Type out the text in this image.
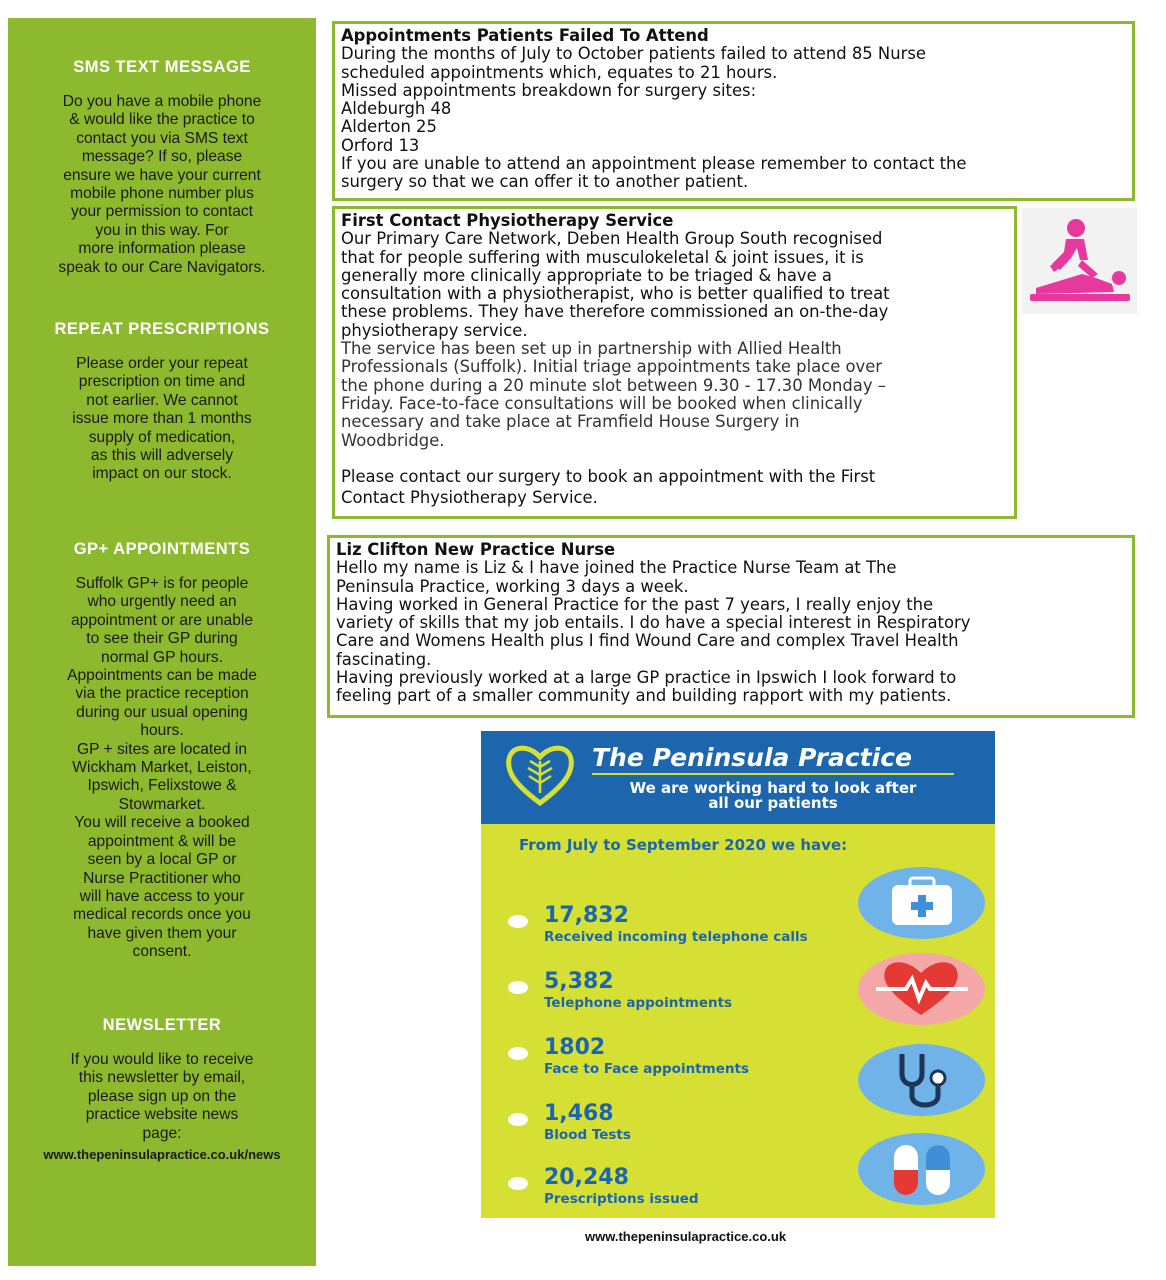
SMS TEXT MESSAGE
Do you have a mobile phone
& would like the practice to
contact you via SMS text
message? If so, please
ensure we have your current
mobile phone number plus
your permission to contact
you in this way. For
more information please
speak to our Care Navigators.
REPEAT PRESCRIPTIONS
Please order your repeat
prescription on time and
not earlier. We cannot
issue more than 1 months
supply of medication,
as this will adversely
impact on our stock.
GP+ APPOINTMENTS
Suffolk GP+ is for people
who urgently need an
appointment or are unable
to see their GP during
normal GP hours.
Appointments can be made
via the practice reception
during our usual opening
hours.
GP + sites are located in
Wickham Market, Leiston,
Ipswich, Felixstowe &
Stowmarket.
You will receive a booked
appointment & will be
seen by a local GP or
Nurse Practitioner who
will have access to your
medical records once you
have given them your
consent.
NEWSLETTER
If you would like to receive
this newsletter by email,
please sign up on the
practice website news
page:
www.thepeninsulapractice.co.uk/news
Appointments Patients Failed To Attend
During the months of July to October patients failed to attend 85 Nurse
scheduled appointments which, equates to 21 hours.
Missed appointments breakdown for surgery sites:
Aldeburgh 48
Alderton 25
Orford 13
If you are unable to attend an appointment please remember to contact the
surgery so that we can offer it to another patient.
First Contact Physiotherapy Service
Our Primary Care Network, Deben Health Group South recognised
that for people suffering with musculokeletal & joint issues, it is
generally more clinically appropriate to be triaged & have a
consultation with a physiotherapist, who is better qualified to treat
these problems. They have therefore commissioned an on-the-day
physiotherapy service.
The service has been set up in partnership with Allied Health
Professionals (Suffolk). Initial triage appointments take place over
the phone during a 20 minute slot between 9.30 - 17.30 Monday –
Friday. Face-to-face consultations will be booked when clinically
necessary and take place at Framfield House Surgery in
Woodbridge.
Please contact our surgery to book an appointment with the First
Contact Physiotherapy Service.
Liz Clifton New Practice Nurse
Hello my name is Liz & I have joined the Practice Nurse Team at The
Peninsula Practice, working 3 days a week.
Having worked in General Practice for the past 7 years, I really enjoy the
variety of skills that my job entails. I do have a special interest in Respiratory
Care and Womens Health plus I find Wound Care and complex Travel Health
fascinating.
Having previously worked at a large GP practice in Ipswich I look forward to
feeling part of a smaller community and building rapport with my patients.
The Peninsula Practice
We are working hard to look after
all our patients
From July to September 2020 we have:
17,832
Received incoming telephone calls
5,382
Telephone appointments
1802
Face to Face appointments
1,468
Blood Tests
20,248
Prescriptions issued
www.thepeninsulapractice.co.uk
